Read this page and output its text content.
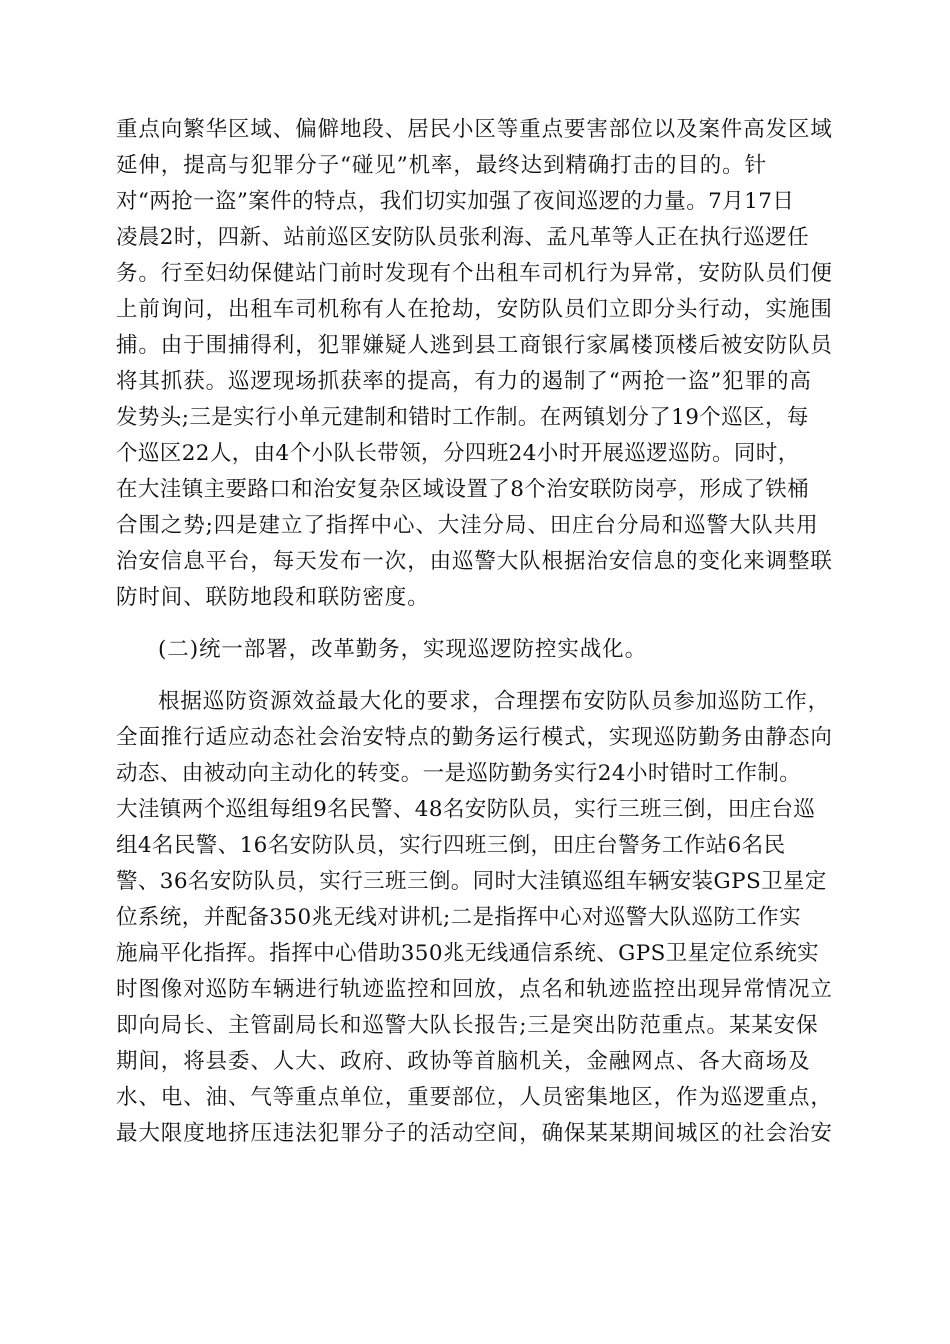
重点向繁华区域、偏僻地段、居民小区等重点要害部位以及案件高发区域
延伸，提高与犯罪分子“碰见”机率，最终达到精确打击的目的。针
对“两抢一盗”案件的特点，我们切实加强了夜间巡逻的力量。7月17日
凌晨2时，四新、站前巡区安防队员张利海、孟凡革等人正在执行巡逻任
务。行至妇幼保健站门前时发现有个出租车司机行为异常，安防队员们便
上前询问，出租车司机称有人在抢劫，安防队员们立即分头行动，实施围
捕。由于围捕得利，犯罪嫌疑人逃到县工商银行家属楼顶楼后被安防队员
将其抓获。巡逻现场抓获率的提高，有力的遏制了“两抢一盗”犯罪的高
发势头;三是实行小单元建制和错时工作制。在两镇划分了19个巡区，每
个巡区22人，由4个小队长带领，分四班24小时开展巡逻巡防。同时，
在大洼镇主要路口和治安复杂区域设置了8个治安联防岗亭，形成了铁桶
合围之势;四是建立了指挥中心、大洼分局、田庄台分局和巡警大队共用
治安信息平台，每天发布一次，由巡警大队根据治安信息的变化来调整联
防时间、联防地段和联防密度。
(二)统一部署，改革勤务，实现巡逻防控实战化。
根据巡防资源效益最大化的要求，合理摆布安防队员参加巡防工作，
全面推行适应动态社会治安特点的勤务运行模式，实现巡防勤务由静态向
动态、由被动向主动化的转变。一是巡防勤务实行24小时错时工作制。
大洼镇两个巡组每组9名民警、48名安防队员，实行三班三倒，田庄台巡
组4名民警、16名安防队员，实行四班三倒，田庄台警务工作站6名民
警、36名安防队员，实行三班三倒。同时大洼镇巡组车辆安装GPS卫星定
位系统，并配备350兆无线对讲机;二是指挥中心对巡警大队巡防工作实
施扁平化指挥。指挥中心借助350兆无线通信系统、GPS卫星定位系统实
时图像对巡防车辆进行轨迹监控和回放，点名和轨迹监控出现异常情况立
即向局长、主管副局长和巡警大队长报告;三是突出防范重点。某某安保
期间，将县委、人大、政府、政协等首脑机关，金融网点、各大商场及
水、电、油、气等重点单位，重要部位，人员密集地区，作为巡逻重点，
最大限度地挤压违法犯罪分子的活动空间，确保某某期间城区的社会治安
